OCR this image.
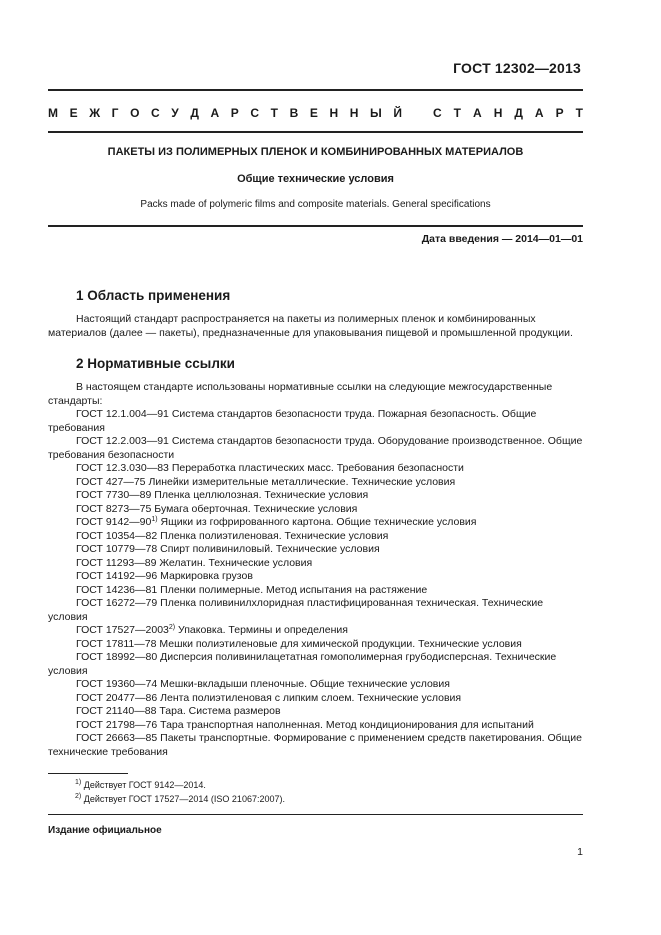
ГОСТ 12302—2013
М Е Ж Г О С У Д А Р С Т В Е Н Н Ы Й	С Т А Н Д А Р Т
ПАКЕТЫ ИЗ ПОЛИМЕРНЫХ ПЛЕНОК И КОМБИНИРОВАННЫХ МАТЕРИАЛОВ
Общие технические условия
Packs made of polymeric films and composite materials. General specifications
Дата введения — 2014—01—01
1 Область применения

Настоящий стандарт распространяется на пакеты из полимерных пленок и комбинированных материалов (далее — пакеты), предназначенные для упаковывания пищевой и промышленной продукции.

2 Нормативные ссылки

В настоящем стандарте использованы нормативные ссылки на следующие межгосударственные стандарты:

ГОСТ 12.1.004—91 Система стандартов безопасности труда. Пожарная безопасность. Общие требования

ГОСТ 12.2.003—91 Система стандартов безопасности труда. Оборудование производственное. Общие требования безопасности

ГОСТ 12.3.030—83 Переработка пластических масс. Требования безопасности

ГОСТ 427—75 Линейки измерительные металлические. Технические условия

ГОСТ 7730—89 Пленка целлюлозная. Технические условия

ГОСТ 8273—75 Бумага оберточная. Технические условия

ГОСТ 9142—90$^{1)}$ Ящики из гофрированного картона. Общие технические условия

ГОСТ 10354—82 Пленка полиэтиленовая. Технические условия

ГОСТ 10779—78 Спирт поливиниловый. Технические условия

ГОСТ 11293—89 Желатин. Технические условия

ГОСТ 14192—96 Маркировка грузов

ГОСТ 14236—81 Пленки полимерные. Метод испытания на растяжение

ГОСТ 16272—79 Пленка поливинилхлоридная пластифицированная техническая. Технические условия

ГОСТ 17527—2003$^{2)}$ Упаковка. Термины и определения

ГОСТ 17811—78 Мешки полиэтиленовые для химической продукции. Технические условия

ГОСТ 18992—80 Дисперсия поливинилацетатная гомополимерная грубодисперсная. Технические условия

ГОСТ 19360—74 Мешки-вкладыши пленочные. Общие технические условия

ГОСТ 20477—86 Лента полиэтиленовая с липким слоем. Технические условия

ГОСТ 21140—88 Тара. Система размеров

ГОСТ 21798—76 Тара транспортная наполненная. Метод кондиционирования для испытаний

ГОСТ 26663—85 Пакеты транспортные. Формирование с применением средств пакетирования. Общие технические требования

$^{1)}$ Действует ГОСТ 9142—2014.
$^{2)}$ Действует ГОСТ 17527—2014 (ISO 21067:2007).
Издание официальное
1
